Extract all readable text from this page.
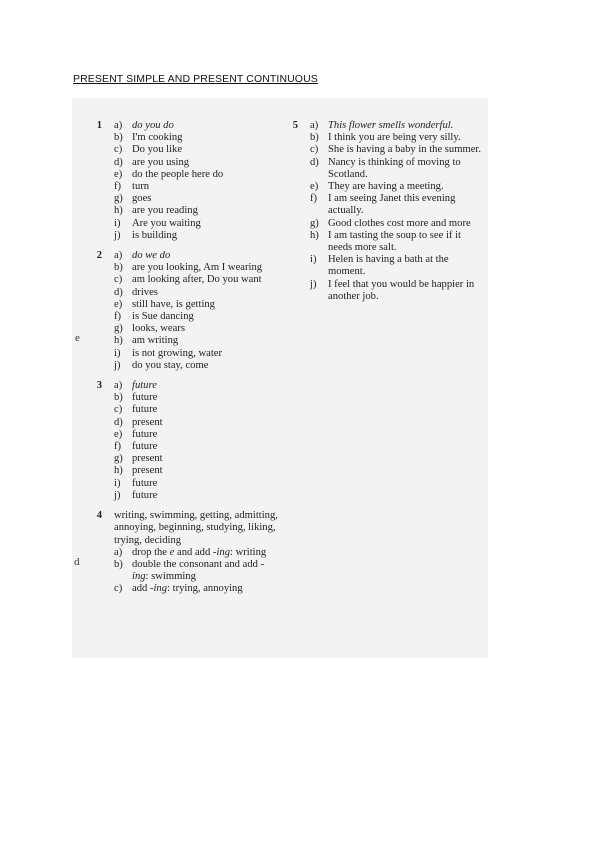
PRESENT SIMPLE AND PRESENT CONTINUOUS
e
d
1	a) do you do
b) I'm cooking
c) Do you like
d) are you using
e) do the people here do
f)	turn
g) goes
h) are you reading
i)	Are you waiting
j)	is building
2	a) do we do
b) are you looking, Am I wearing
c) am looking after, Do you want
d) drives
e) still have, is getting
f)	is Sue dancing
g) looks, wears
h) am writing
i)	is not growing, water
j)	do you stay, come
3	a) future
b) future
c) future
d) present
e) future
f)	future
g) present
h) present
i)	future
j)	future
4	writing, swimming, getting, admitting, annoying, beginning, studying, liking, trying, deciding
a) drop the e and add -ing: writing
b) double the consonant and add -ing: swimming
c) add -ing: trying, annoying
5	a) This flower smells wonderful.
b) I think you are being very silly.
c) She is having a baby in the summer.
d) Nancy is thinking of moving to Scotland.
e) They are having a meeting.
f)	I am seeing Janet this evening actually.
g) Good clothes cost more and more
h) I am tasting the soup to see if it needs more salt.
i)	Helen is having a bath at the moment.
j)	I feel that you would be happier in another job.
